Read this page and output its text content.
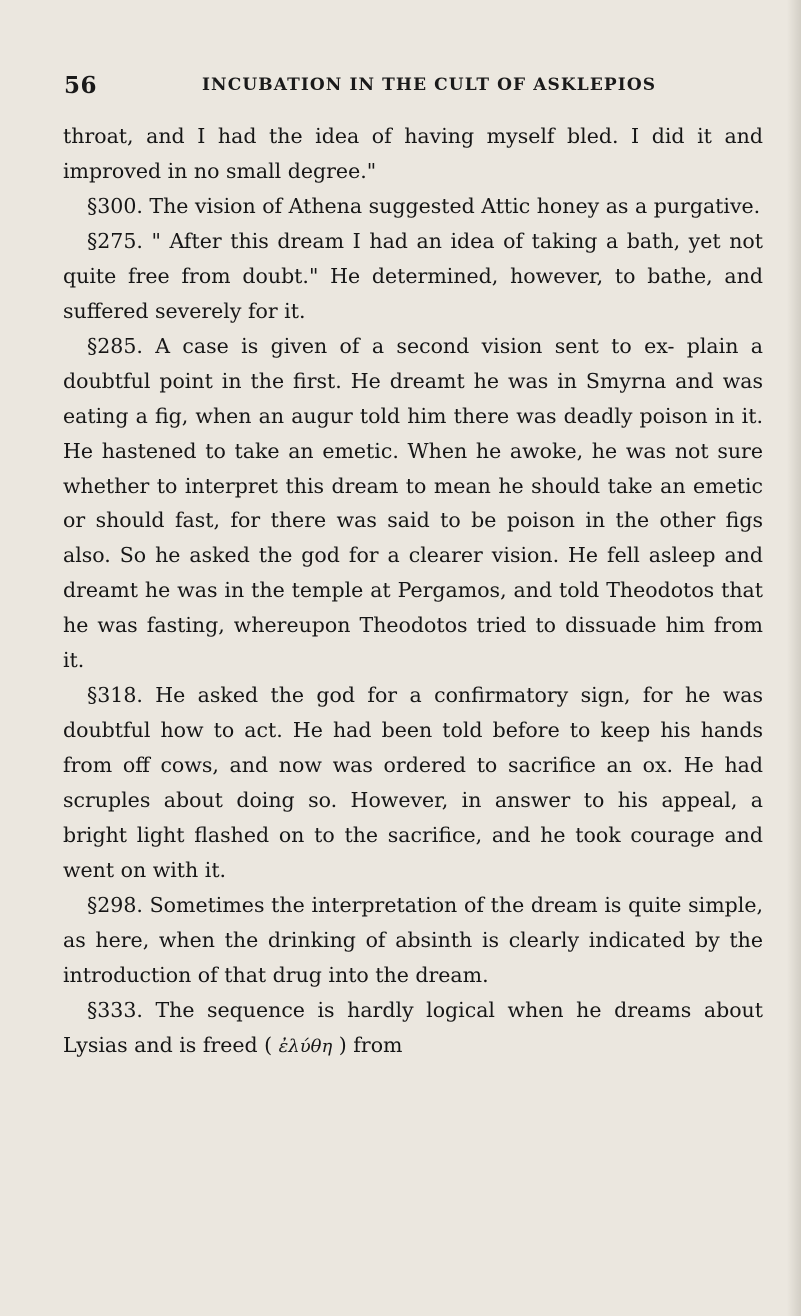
56	INCUBATION IN THE CULT OF ASKLEPIOS

throat, and I had the idea of having myself bled. I did it and improved in no small degree."

§300. The vision of Athena suggested Attic honey as a purgative.

§275. " After this dream I had an idea of taking a bath, yet not quite free from doubt." He determined, however, to bathe, and suffered severely for it.

§285. A case is given of a second vision sent to ex- plain a doubtful point in the first. He dreamt he was in Smyrna and was eating a fig, when an augur told him there was deadly poison in it. He hastened to take an emetic. When he awoke, he was not sure whether to interpret this dream to mean he should take an emetic or should fast, for there was said to be poison in the other figs also. So he asked the god for a clearer vision. He fell asleep and dreamt he was in the temple at Pergamos, and told Theodotos that he was fasting, whereupon Theodotos tried to dissuade him from it.

§318. He asked the god for a confirmatory sign, for he was doubtful how to act. He had been told before to keep his hands from off cows, and now was ordered to sacrifice an ox. He had scruples about doing so. However, in answer to his appeal, a bright light flashed on to the sacrifice, and he took courage and went on with it.

§298. Sometimes the interpretation of the dream is quite simple, as here, when the drinking of absinth is clearly indicated by the introduction of that drug into the dream.

§333. The sequence is hardly logical when he dreams about Lysias and is freed ( ἐλύθη ) from
